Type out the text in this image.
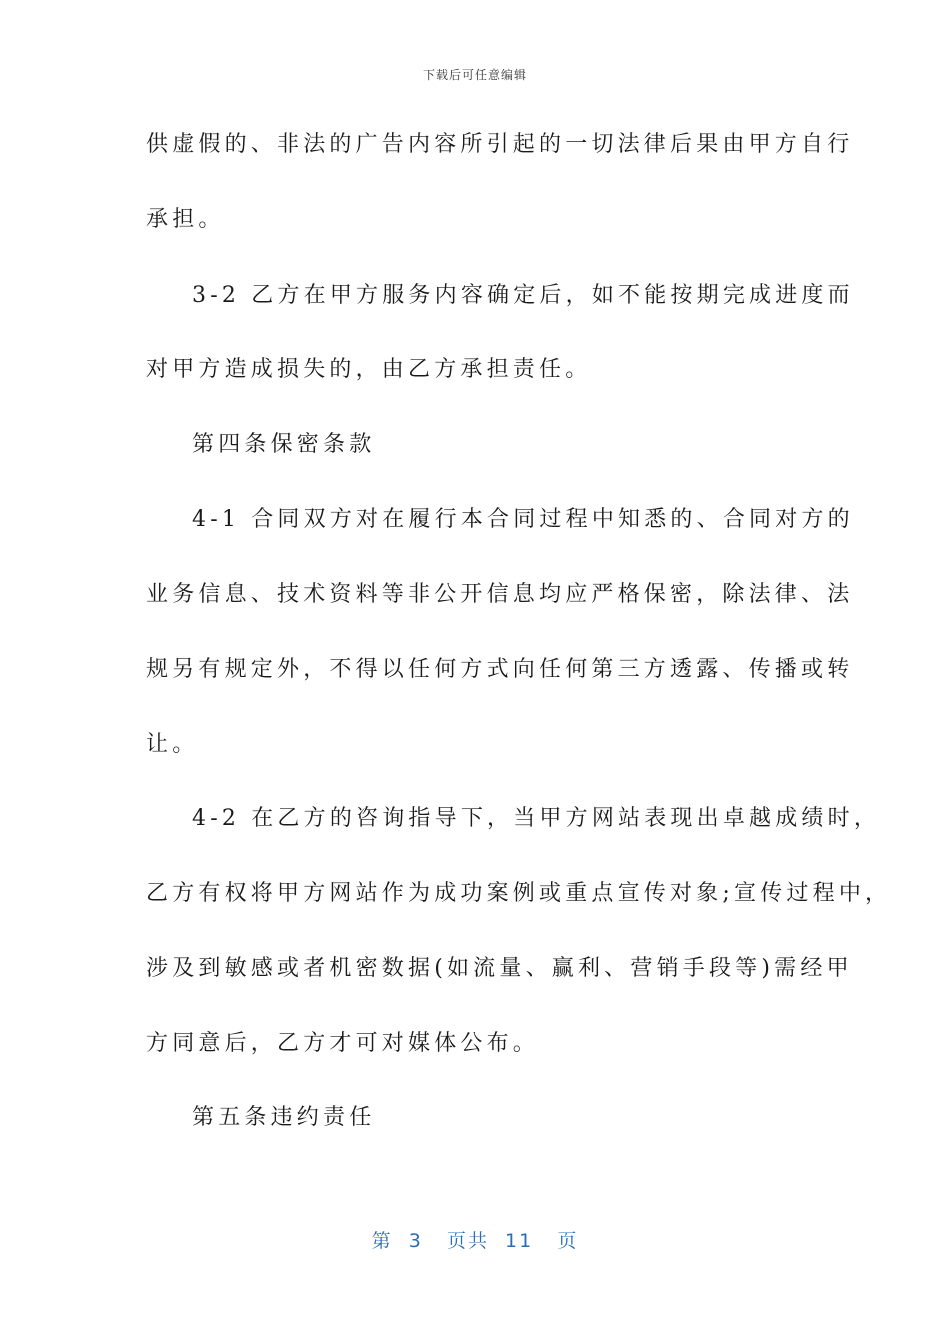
下载后可任意编辑
供虚假的、非法的广告内容所引起的一切法律后果由甲方自行
承担。
3-2 乙方在甲方服务内容确定后，如不能按期完成进度而
对甲方造成损失的，由乙方承担责任。
第四条保密条款
4-1 合同双方对在履行本合同过程中知悉的、合同对方的
业务信息、技术资料等非公开信息均应严格保密，除法律、法
规另有规定外，不得以任何方式向任何第三方透露、传播或转
让。
4-2 在乙方的咨询指导下，当甲方网站表现出卓越成绩时，
乙方有权将甲方网站作为成功案例或重点宣传对象;宣传过程中，
涉及到敏感或者机密数据(如流量、赢利、营销手段等)需经甲
方同意后，乙方才可对媒体公布。
第五条违约责任
第  3   页共  11   页
